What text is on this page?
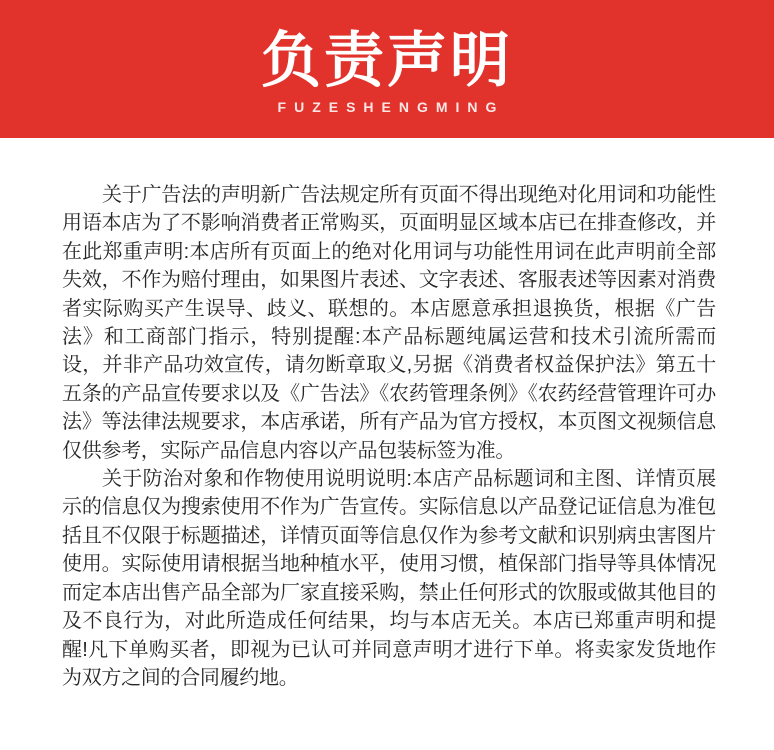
负责声明
FUZESHENGMING

关于广告法的声明新广告法规定所有页面不得出现绝对化用词和功能性用语本店为了不影响消费者正常购买，页面明显区域本店已在排查修改，并在此郑重声明:本店所有页面上的绝对化用词与功能性用词在此声明前全部失效，不作为赔付理由，如果图片表述、文字表述、客服表述等因素对消费者实际购买产生误导、歧义、联想的。本店愿意承担退换货，根据《广告法》和工商部门指示，特别提醒:本产品标题纯属运营和技术引流所需而设，并非产品功效宣传，请勿断章取义,另据《消费者权益保护法》第五十五条的产品宣传要求以及《广告法》《农药管理条例》《农药经营管理许可办法》等法律法规要求，本店承诺，所有产品为官方授权，本页图文视频信息仅供参考，实际产品信息内容以产品包装标签为准。

关于防治对象和作物使用说明说明:本店产品标题词和主图、详情页展示的信息仅为搜索使用不作为广告宣传。实际信息以产品登记证信息为准包括且不仅限于标题描述，详情页面等信息仅作为参考文献和识别病虫害图片使用。实际使用请根据当地种植水平，使用习惯，植保部门指导等具体情况而定本店出售产品全部为厂家直接采购，禁止任何形式的饮服或做其他目的及不良行为，对此所造成任何结果，均与本店无关。本店已郑重声明和提醒!凡下单购买者，即视为已认可并同意声明才进行下单。将卖家发货地作为双方之间的合同履约地。
